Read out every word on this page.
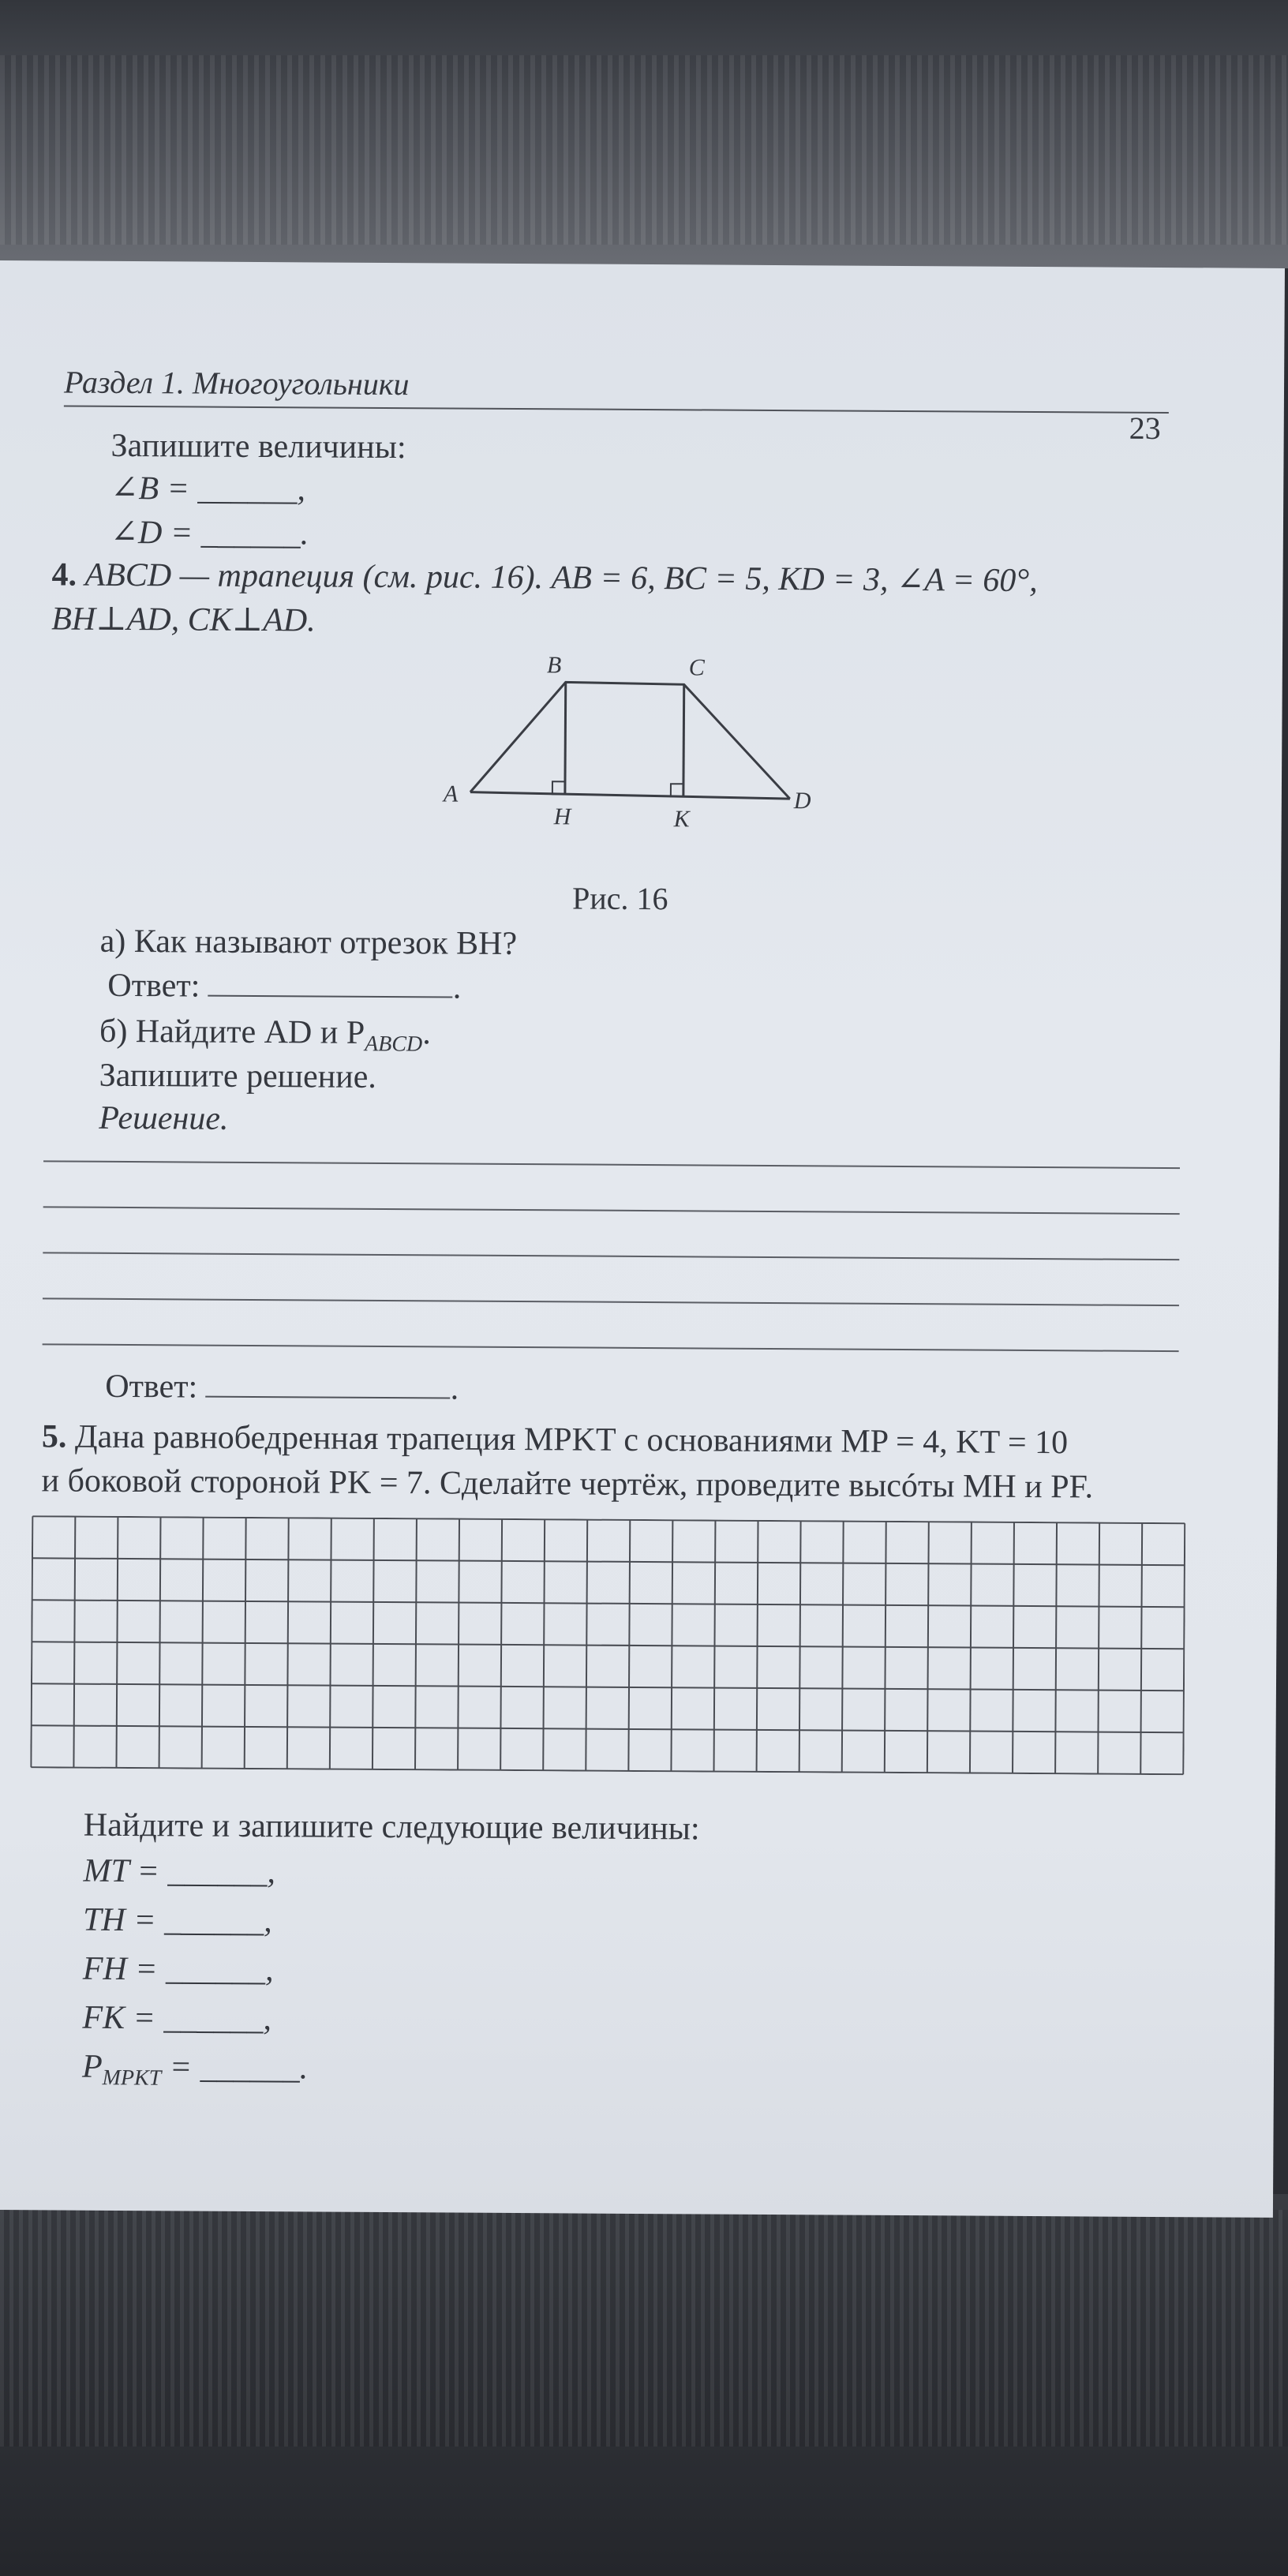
Раздел 1. Многоугольники
23
Запишите величины:
∠B = ______,
∠D = ______.
4. ABCD — трапеция (см. рис. 16). AB = 6, BC = 5, KD = 3, ∠A = 60°,
BH⊥AD, CK⊥AD.
B	C
A
H	K
D
Рис. 16
а) Как называют отрезок BH?
Ответ:	.
б) Найдите AD и $P_{ABCD}$.
Запишите решение.
Решение.
Ответ:	.
5. Дана равнобедренная трапеция MPKT с основаниями MP = 4, KT = 10
и боковой стороной PK = 7. Сделайте чертёж, проведите высóты MH и PF.
Найдите и запишите следующие величины:
MT = ______,
TH = ______,
FH = ______,
FK = ______,
$P_{MPKT}$ = ______.
